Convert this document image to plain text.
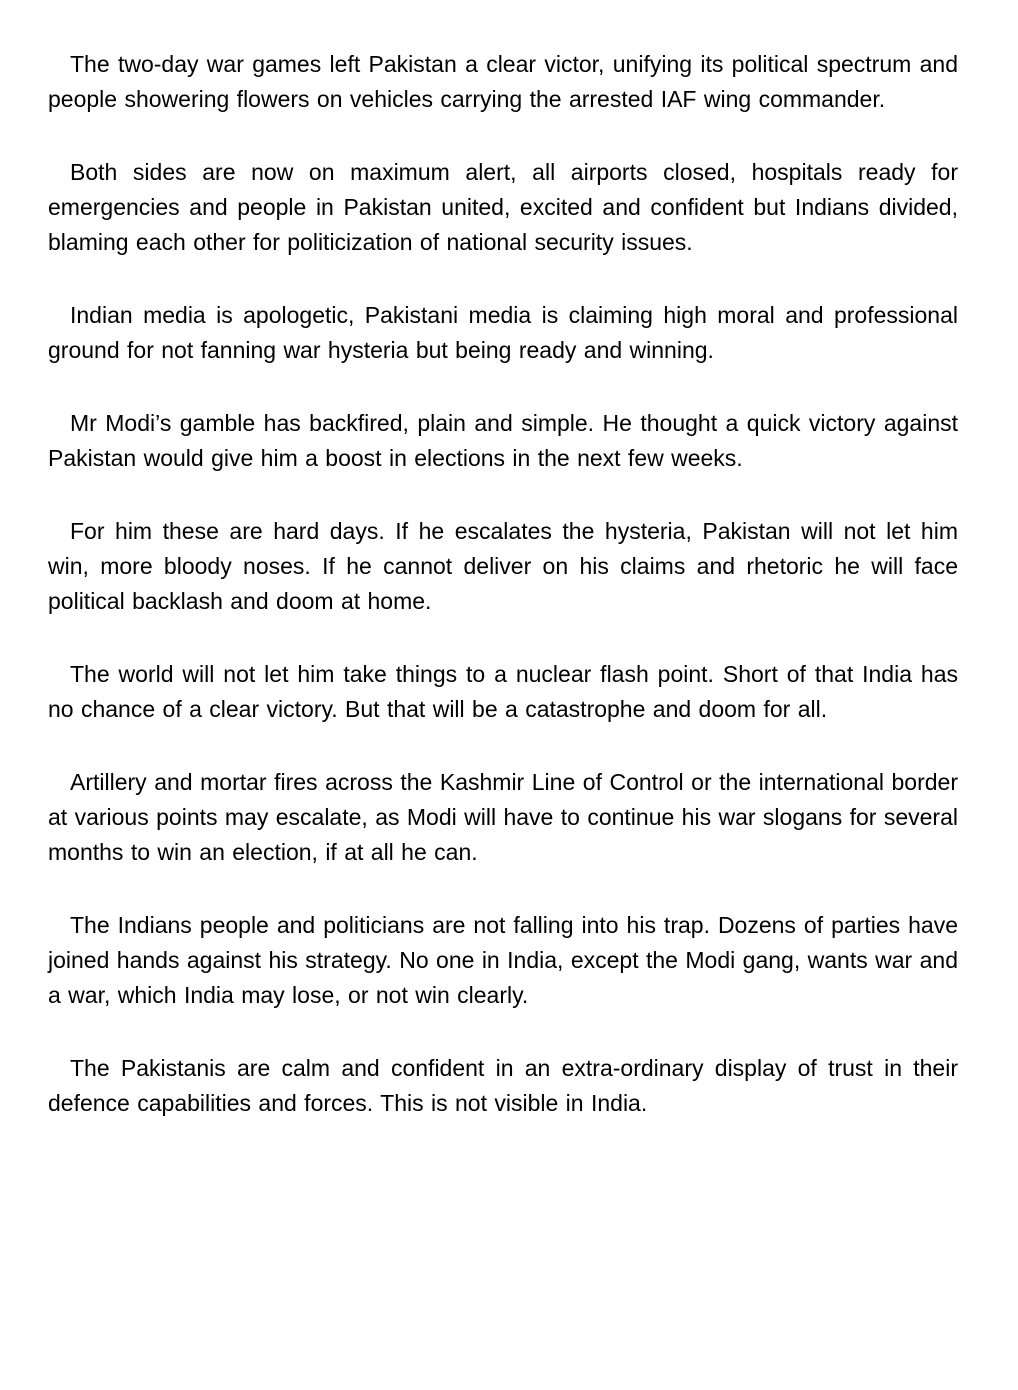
The two-day war games left Pakistan a clear victor, unifying its political spectrum and people showering flowers on vehicles carrying the arrested IAF wing commander.

Both sides are now on maximum alert, all airports closed, hospitals ready for emergencies and people in Pakistan united, excited and confident but Indians divided, blaming each other for politicization of national security issues.

Indian media is apologetic, Pakistani media is claiming high moral and professional ground for not fanning war hysteria but being ready and winning.

Mr Modi’s gamble has backfired, plain and simple. He thought a quick victory against Pakistan would give him a boost in elections in the next few weeks.

For him these are hard days. If he escalates the hysteria, Pakistan will not let him win, more bloody noses. If he cannot deliver on his claims and rhetoric he will face political backlash and doom at home.

The world will not let him take things to a nuclear flash point. Short of that India has no chance of a clear victory. But that will be a catastrophe and doom for all.

Artillery and mortar fires across the Kashmir Line of Control or the international border at various points may escalate, as Modi will have to continue his war slogans for several months to win an election, if at all he can.

The Indians people and politicians are not falling into his trap. Dozens of parties have joined hands against his strategy. No one in India, except the Modi gang, wants war and a war, which India may lose, or not win clearly.

The Pakistanis are calm and confident in an extra-ordinary display of trust in their defence capabilities and forces. This is not visible in India.
